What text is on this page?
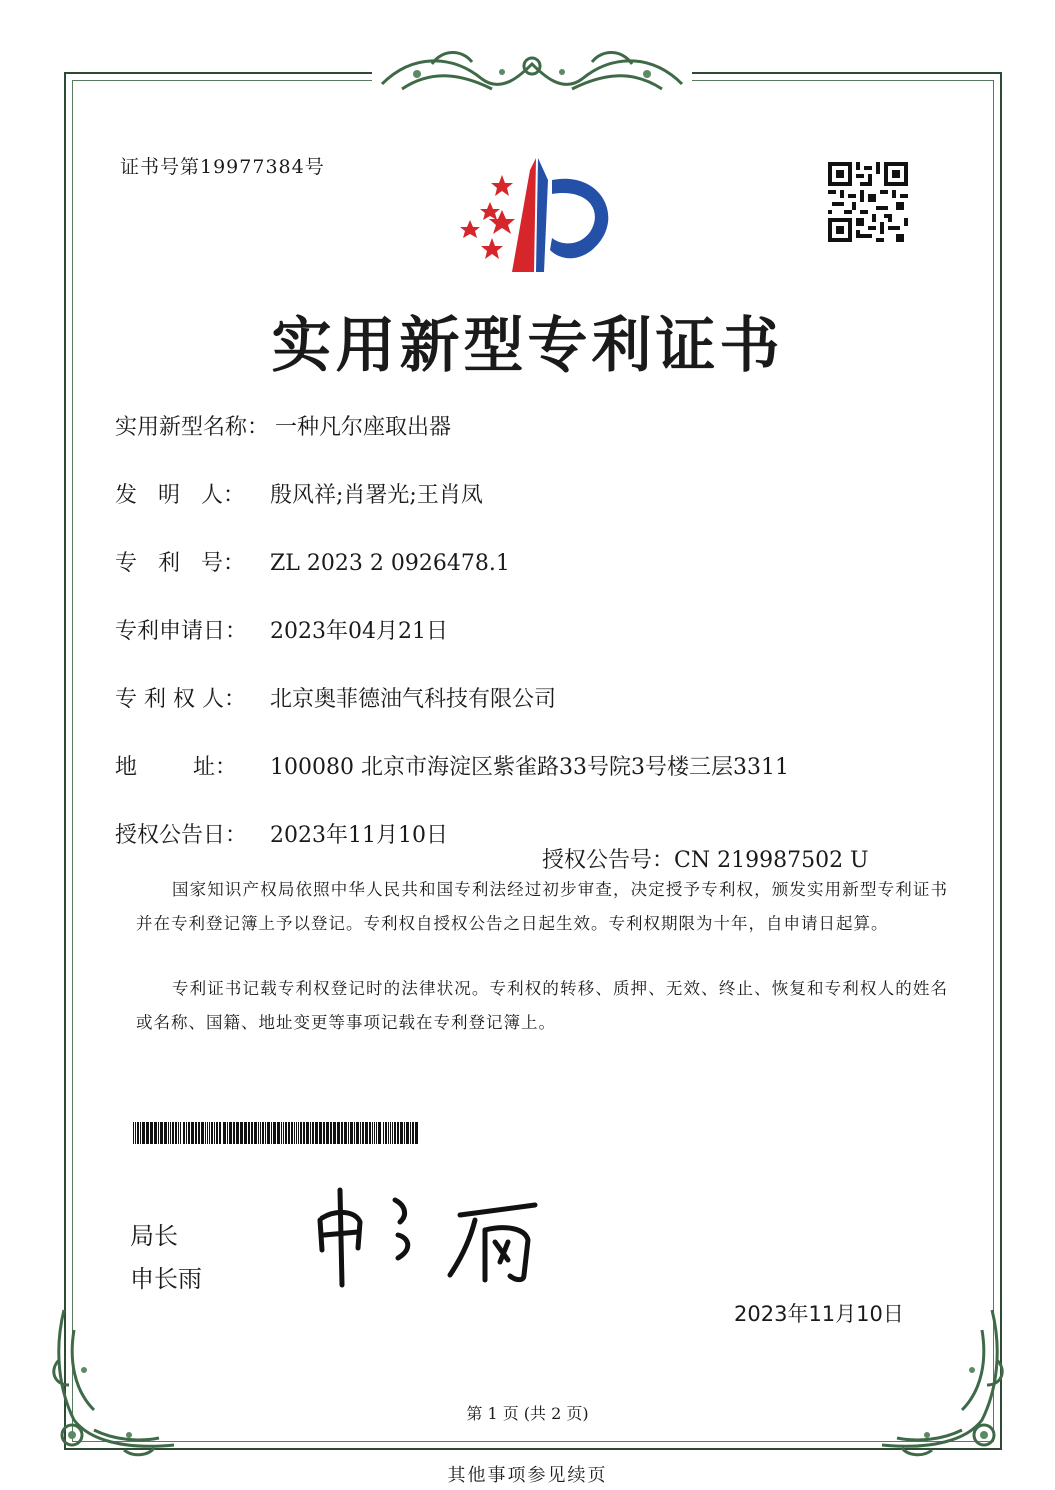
证书号第19977384号
实用新型专利证书
实用新型名称： 一种凡尔座取出器
发   明   人： 殷风祥;肖署光;王肖凤
专   利   号： ZL 2023 2 0926478.1
专利申请日： 2023年04月21日
专 利 权 人： 北京奥菲德油气科技有限公司
地        址： 100080 北京市海淀区紫雀路33号院3号楼三层3311
授权公告日： 2023年11月10日

授权公告号：CN 219987502 U

国家知识产权局依照中华人民共和国专利法经过初步审查，决定授予专利权，颁发实用新型专利证书并在专利登记簿上予以登记。专利权自授权公告之日起生效。专利权期限为十年，自申请日起算。
专利证书记载专利权登记时的法律状况。专利权的转移、质押、无效、终止、恢复和专利权人的姓名或名称、国籍、地址变更等事项记载在专利登记簿上。
局长
申长雨
2023年11月10日
第 1 页 (共 2 页)
其他事项参见续页
